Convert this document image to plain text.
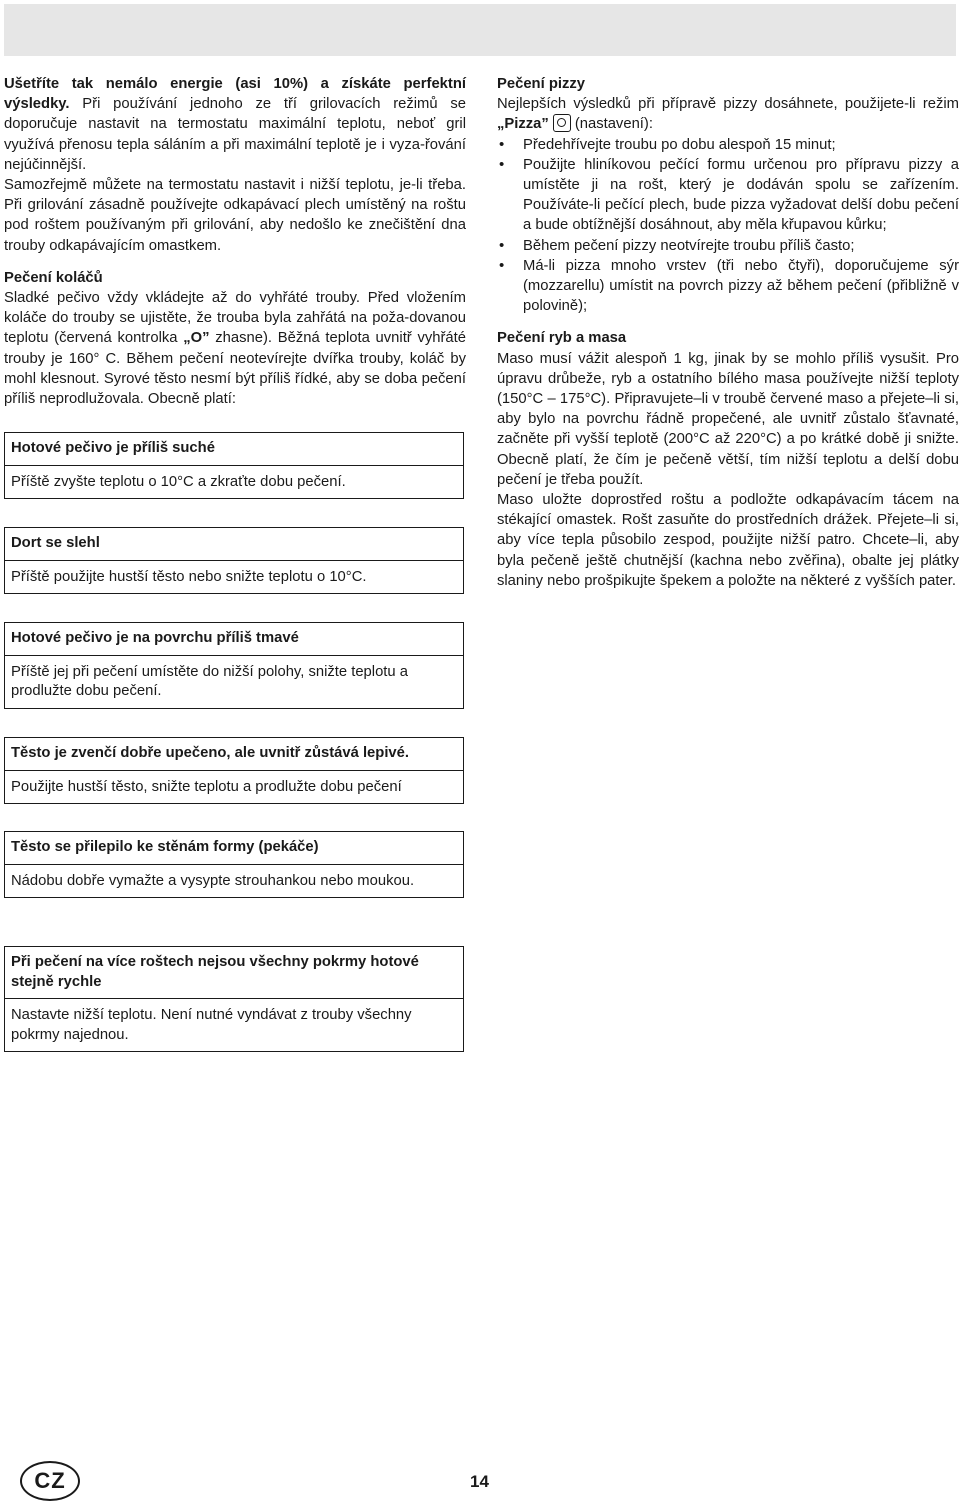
Ušetříte tak nemálo energie (asi 10%) a získáte perfektní výsledky. Při používání jednoho ze tří grilovacích režimů se doporučuje nastavit na termostatu maximální teplotu, neboť gril využívá přenosu tepla sáláním a při maximální teplotě je i vyza-řování nejúčinnější.

Samozřejmě můžete na termostatu nastavit i nižší teplotu, je-li třeba. Při grilování zásadně používejte odkapávací plech umístěný na roštu pod roštem používaným při grilování, aby nedošlo ke znečištění dna trouby odkapávajícím omastkem.

Pečení koláčů

Sladké pečivo vždy vkládejte až do vyhřáté trouby. Před vložením koláče do trouby se ujistěte, že trouba byla zahřátá na poža-dovanou teplotu (červená kontrolka „O” zhasne). Běžná teplota uvnitř vyhřáté trouby je 160° C. Během pečení neotevírejte dvířka trouby, koláč by mohl klesnout. Syrové těsto nesmí být příliš řídké, aby se doba pečení příliš neprodlužovala. Obecně platí:

Pečení pizzy

Nejlepších výsledků při přípravě pizzy dosáhnete, použijete-li režim „Pizza” (nastavení):

• Předehřívejte troubu po dobu alespoň 15 minut;
• Použijte hliníkovou pečící formu určenou pro přípravu pizzy a umístěte ji na rošt, který je dodáván spolu se zařízením. Používáte-li pečící plech, bude pizza vyžadovat delší dobu pečení a bude obtížnější dosáhnout, aby měla křupavou kůrku;
• Během pečení pizzy neotvírejte troubu příliš často;
• Má-li pizza mnoho vrstev (tři nebo čtyři), doporučujeme sýr (mozzarellu) umístit na povrch pizzy až během pečení (přibližně v polovině);
Pečení ryb a masa

Maso musí vážit alespoň 1 kg, jinak by se mohlo příliš vysušit. Pro úpravu drůbeže, ryb a ostatního bílého masa používejte nižší teploty (150°C – 175°C). Připravujete–li v troubě červené maso a přejete–li si, aby bylo na povrchu řádně propečené, ale uvnitř zůstalo šťavnaté, začněte při vyšší teplotě (200°C až 220°C) a po krátké době ji snižte. Obecně platí, že čím je pečeně větší, tím nižší teplotu a delší dobu pečení je třeba použít.

Maso uložte doprostřed roštu a podložte odkapávacím tácem na stékající omastek. Rošt zasuňte do prostředních drážek. Přejete–li si, aby více tepla působilo zespod, použijte nižší patro. Chcete–li, aby byla pečeně ještě chutnější (kachna nebo zvěřina), obalte jej plátky slaniny nebo prošpikujte špekem a položte na některé z vyšších pater.

Hotové pečivo je příliš suché
Příště zvyšte teplotu o 10°C a zkraťte dobu pečení.
Dort se slehl
Příště použijte hustší těsto nebo snižte teplotu o 10°C.
Hotové pečivo je na povrchu příliš tmavé
Příště jej při pečení umístěte do nižší polohy, snižte teplotu a prodlužte dobu pečení.
Těsto je zvenčí dobře upečeno, ale uvnitř zůstává lepivé.
Použijte hustší těsto, snižte teplotu a prodlužte dobu pečení
Těsto se přilepilo ke stěnám formy (pekáče)
Nádobu dobře vymažte a vysypte strouhankou nebo moukou.
Při pečení na více roštech nejsou všechny pokrmy hotové stejně rychle
Nastavte nižší teplotu. Není nutné vyndávat z trouby všechny pokrmy najednou.
CZ	14
